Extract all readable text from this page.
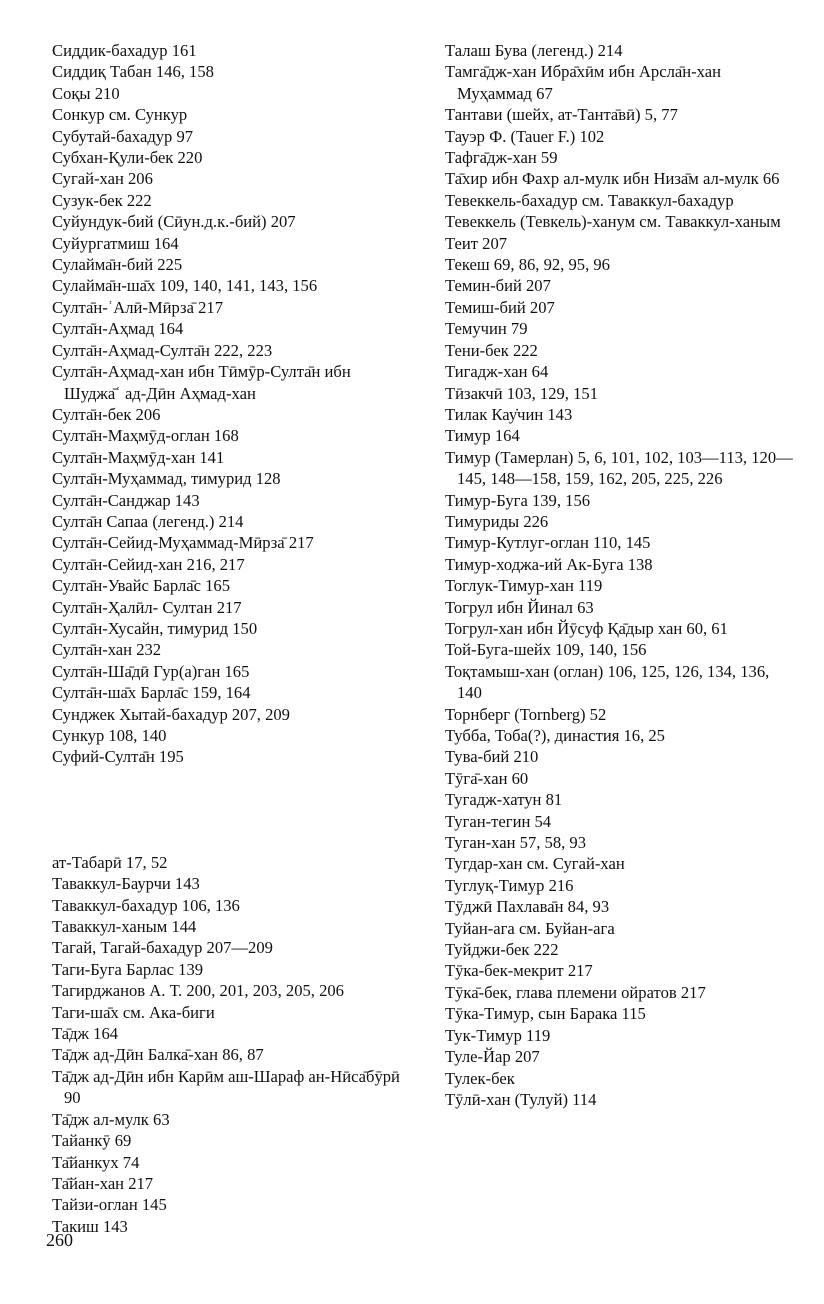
Сиддик-бахадур 161
Сиддиқ Табан 146, 158
Соқы 210
Сонкур см. Сункур
Субутай-бахадур 97
Субхан-Қули-бек 220
Сугай-хан 206
Сузук-бек 222
Суйундук-бий (Сӣун.д.к.-бий) 207
Суйургатмиш 164
Сулайма̄н-бий 225
Сулайма̄н-ша̄х 109, 140, 141, 143, 156
Султа̄н-ʿАлӣ-Мӣрза̄ 217
Султа̄н-Аҳмад 164
Султа̄н-Аҳмад-Султа̄н 222, 223
Султа̄н-Аҳмад-хан ибн Тӣмӯр-Султа̄н ибн Шуджа̄ʿ ад-Дӣн Аҳмад-хан
Султа̄н-бек 206
Султа̄н-Маҳмӯд-оглан 168
Султа̄н-Маҳмӯд-хан 141
Султа̄н-Муҳаммад, тимурид 128
Султа̄н-Санджар 143
Султа̄н Сапаа (легенд.) 214
Султа̄н-Сейид-Муҳаммад-Мӣрза̄ 217
Султа̄н-Сейид-хан 216, 217
Султа̄н-Увайс Барла̄с 165
Султа̄н-Ҳалӣл- Султан 217
Султа̄н-Хусайн, тимурид 150
Султа̄н-хан 232
Султа̄н-Ша̄дӣ Гур(а)ган 165
Султа̄н-ша̄х Барла̄с 159, 164
Сунджек Хытай-бахадур 207, 209
Сункур 108, 140
Суфий-Султа̄н 195
ат-Табарӣ 17, 52
Таваккул-Баурчи 143
Таваккул-бахадур 106, 136
Таваккул-ханым 144
Тагай, Тагай-бахадур 207—209
Таги-Буга Барлас 139
Тагирджанов А. Т. 200, 201, 203, 205, 206
Таги-ша̄х см. Ака-биги
Та̄дж 164
Та̄дж ад-Дӣн Балка̄-хан 86, 87
Та̄дж ад-Дӣн ибн Карӣм аш-Шараф ан-Нӣса̄бӯрӣ 90
Та̄дж ал-мулк 63
Тайанкӯ 69
Та̄йанкух 74
Та̄йан-хан 217
Тайзи-оглан 145
Такиш 143
Талаш Бува (легенд.) 214
Тамга̄дж-хан Ибра̄хӣм ибн Арсла̄н-хан Муҳаммад 67
Тантави (шейх, ат-Танта̄вӣ) 5, 77
Тауэр Ф. (Tauer F.) 102
Тафга̄дж-хан 59
Та̄хир ибн Фахр ал-мулк ибн Низа̄м ал-мулк 66
Тевеккель-бахадур см. Таваккул-бахадур
Тевеккель (Тевкель)-ханум см. Таваккул-ханым
Теит 207
Текеш 69, 86, 92, 95, 96
Темин-бий 207
Темиш-бий 207
Темучин 79
Тени-бек 222
Тигадж-хан 64
Тӣзакчӣ 103, 129, 151
Тилак Кау̇чин 143
Тимур 164
Тимур (Тамерлан) 5, 6, 101, 102, 103—113, 120—145, 148—158, 159, 162, 205, 225, 226
Тимур-Буга 139, 156
Тимуриды 226
Тимур-Кутлуг-оглан 110, 145
Тимур-ходжа-ий Ак-Буга 138
Тоглук-Тимур-хан 119
Тогрул ибн Йинал 63
Тогрул-хан ибн Йӯсуф Қа̄дыр хан 60, 61
Той-Буга-шейх 109, 140, 156
Тоқтамыш-хан (оглан) 106, 125, 126, 134, 136, 140
Торнберг (Tornberg) 52
Тубба, Тоба(?), династия 16, 25
Тува-бий 210
Тӯга̄-хан 60
Тугадж-хатун 81
Туган-тегин 54
Туган-хан 57, 58, 93
Тугдар-хан см. Сугай-хан
Туглуқ-Тимур 216
Тӯджӣ Пахлава̄н 84, 93
Туйан-ага см. Буйан-ага
Туйджи-бек 222
Тӯка-бек-мекрит 217
Тӯка̄-бек, глава племени ойратов 217
Тӯка-Тимур, сын Барака 115
Тук-Тимур 119
Туле-Йар 207
Тулек-бек
Тӯлӣ-хан (Тулуй) 114
260
